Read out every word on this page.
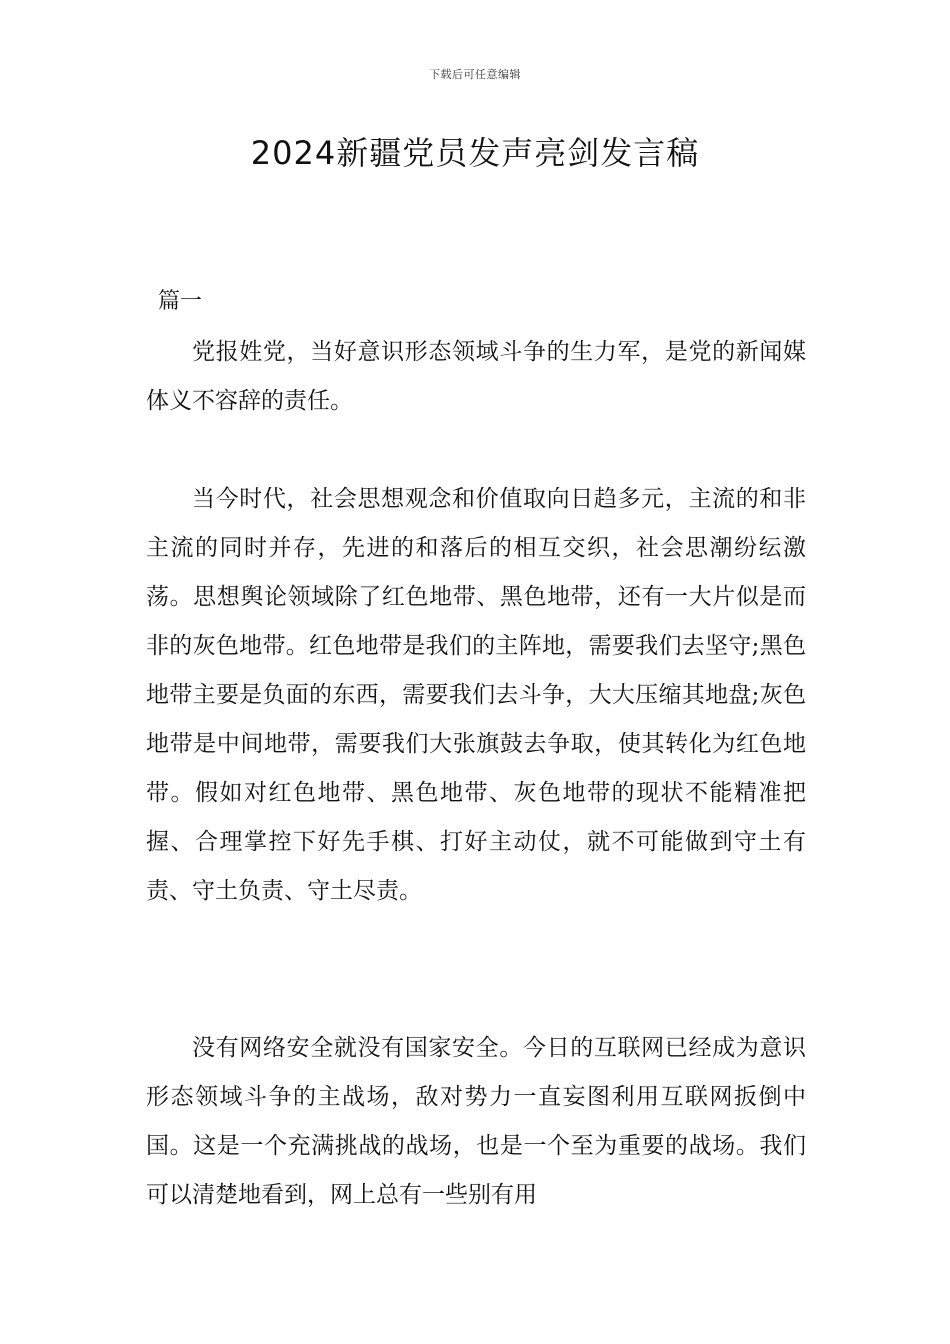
下载后可任意编辑
2024新疆党员发声亮剑发言稿
篇一

党报姓党，当好意识形态领域斗争的生力军，是党的新闻媒体义不容辞的责任。

当今时代，社会思想观念和价值取向日趋多元，主流的和非主流的同时并存，先进的和落后的相互交织，社会思潮纷纭激荡。思想舆论领域除了红色地带、黑色地带，还有一大片似是而非的灰色地带。红色地带是我们的主阵地，需要我们去坚守;黑色地带主要是负面的东西，需要我们去斗争，大大压缩其地盘;灰色地带是中间地带，需要我们大张旗鼓去争取，使其转化为红色地带。假如对红色地带、黑色地带、灰色地带的现状不能精准把握、合理掌控下好先手棋、打好主动仗，就不可能做到守土有责、守土负责、守土尽责。

没有网络安全就没有国家安全。今日的互联网已经成为意识形态领域斗争的主战场，敌对势力一直妄图利用互联网扳倒中国。这是一个充满挑战的战场，也是一个至为重要的战场。我们可以清楚地看到，网上总有一些别有用
